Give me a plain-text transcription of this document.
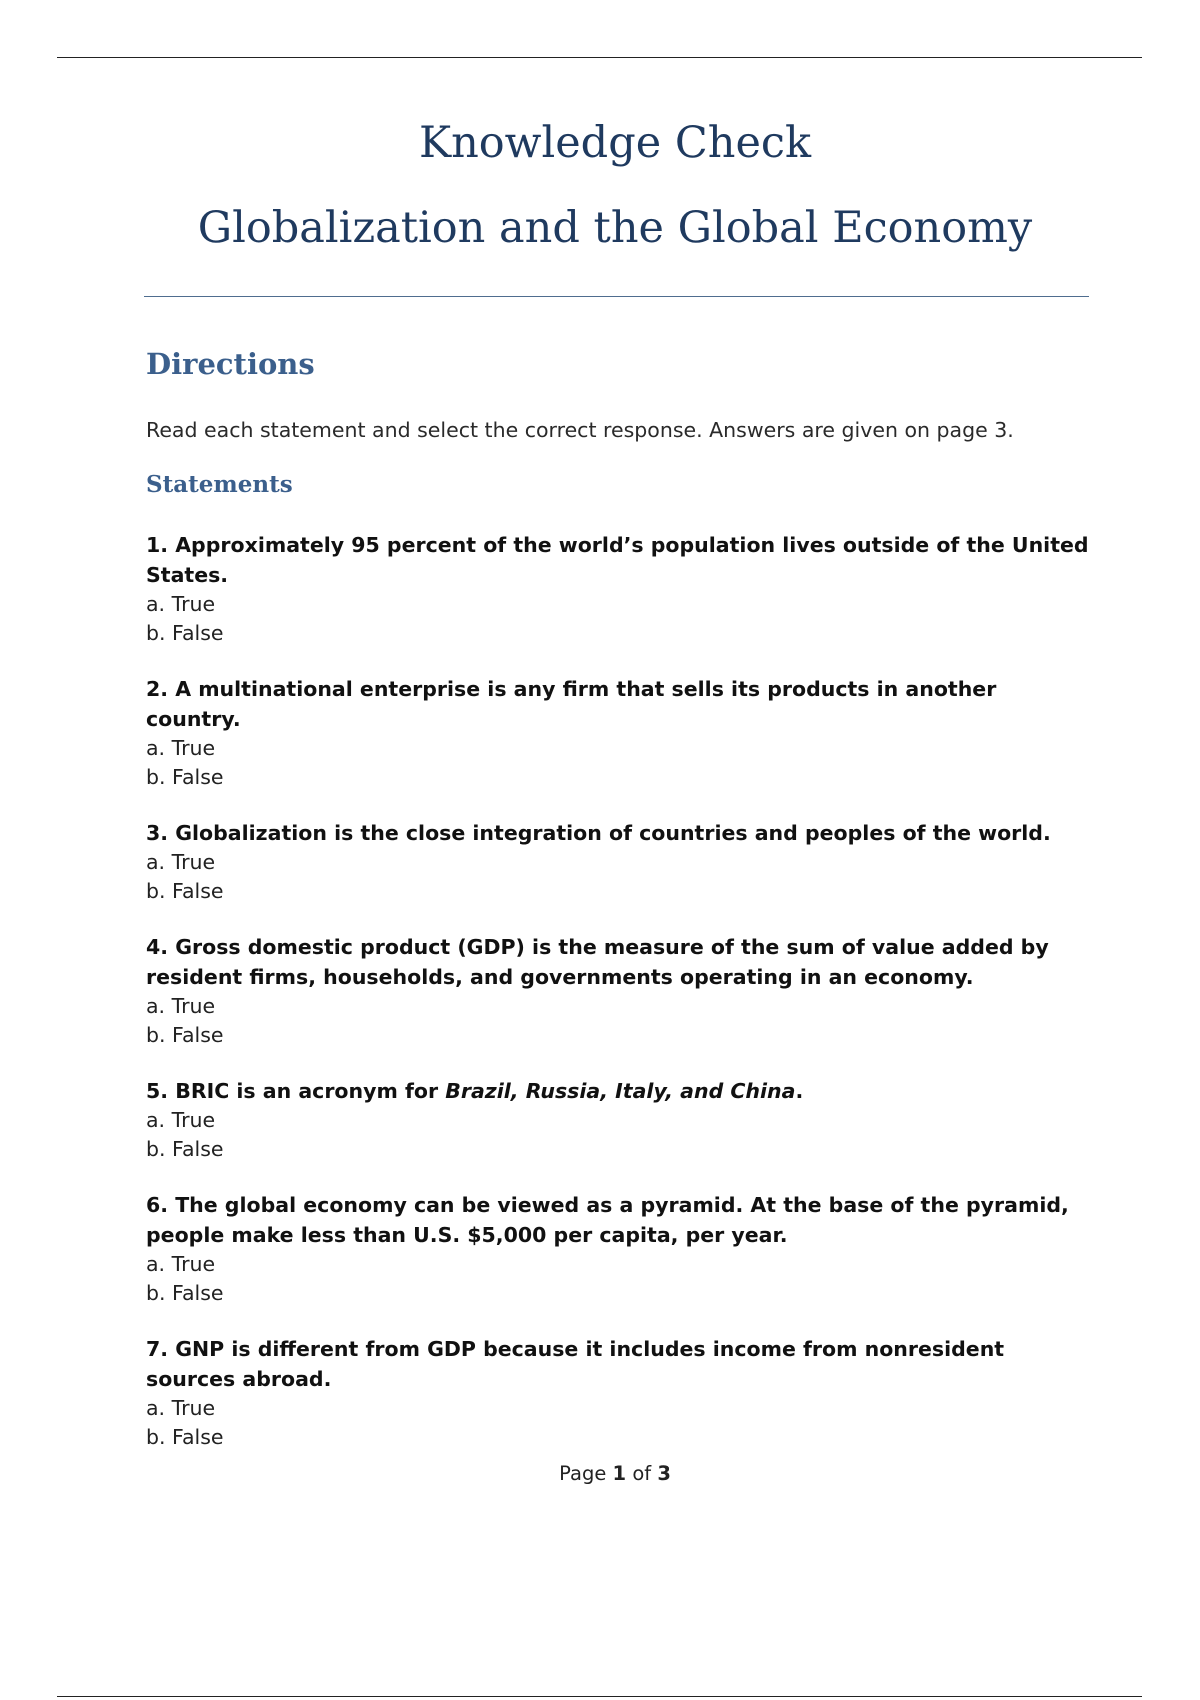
Knowledge Check
Globalization and the Global Economy
Directions

Read each statement and select the correct response. Answers are given on page 3.

Statements
1. Approximately 95 percent of the world’s population lives outside of the United States.
a. True
b. False
2. A multinational enterprise is any firm that sells its products in another country.
a. True
b. False
3. Globalization is the close integration of countries and peoples of the world.
a. True
b. False
4. Gross domestic product (GDP) is the measure of the sum of value added by resident firms, households, and governments operating in an economy.
a. True
b. False
5. BRIC is an acronym for Brazil, Russia, Italy, and China.
a. True
b. False
6. The global economy can be viewed as a pyramid. At the base of the pyramid, people make less than U.S. $5,000 per capita, per year.
a. True
b. False
7. GNP is different from GDP because it includes income from nonresident sources abroad.
a. True
b. False
Page 1 of 3
